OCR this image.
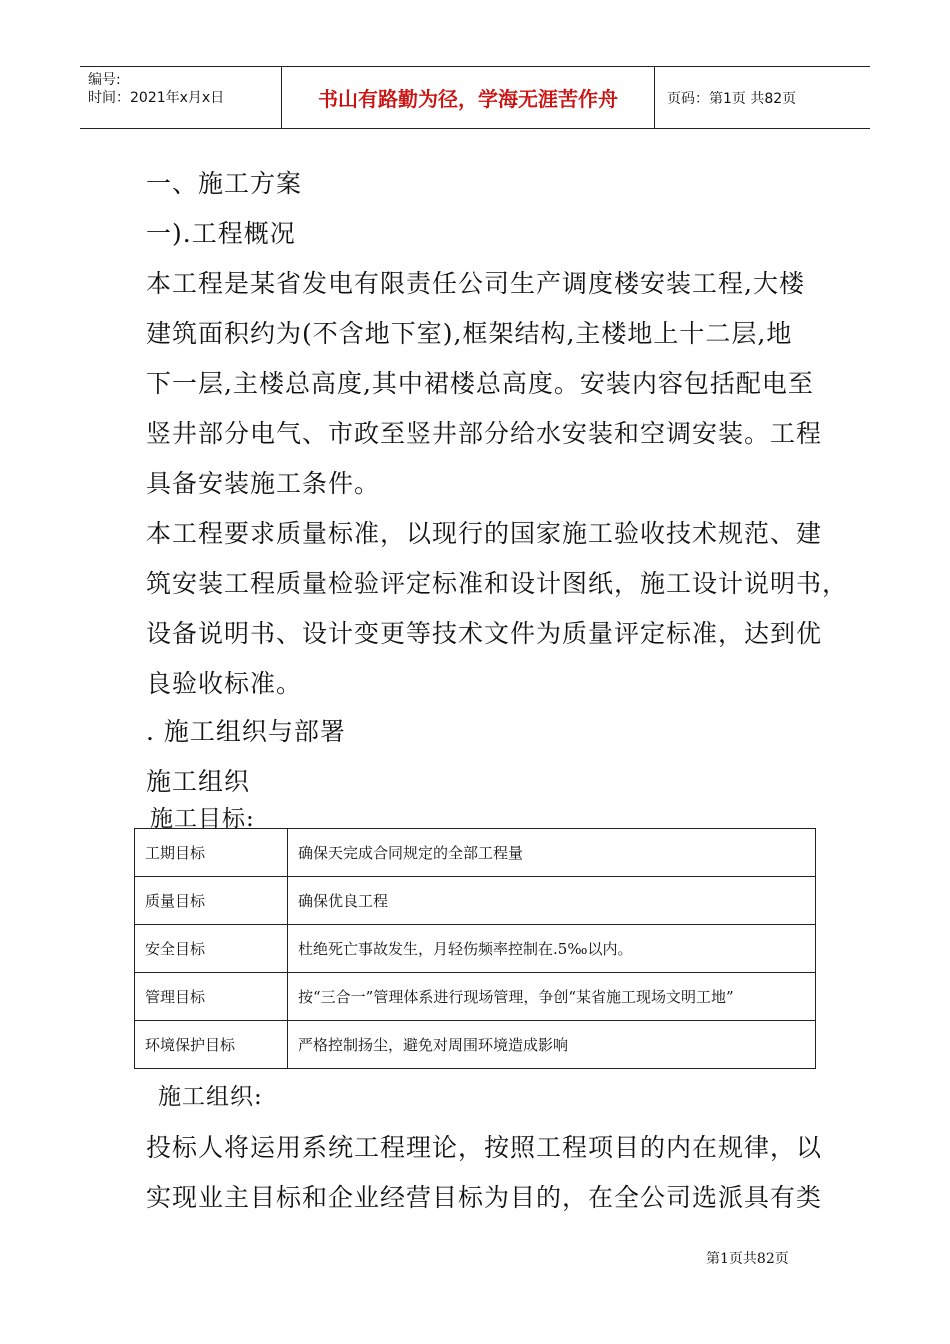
编号:
时间：2021年x月x日	书山有路勤为径，学海无涯苦作舟	页码：第1页 共82页
一、施工方案
一).工程概况
本工程是某省发电有限责任公司生产调度楼安装工程,大楼
建筑面积约为(不含地下室),框架结构,主楼地上十二层,地
下一层,主楼总高度,其中裙楼总高度。安装内容包括配电至
竖井部分电气、市政至竖井部分给水安装和空调安装。工程
具备安装施工条件。
本工程要求质量标准，以现行的国家施工验收技术规范、建
筑安装工程质量检验评定标准和设计图纸，施工设计说明书，
设备说明书、设计变更等技术文件为质量评定标准，达到优
良验收标准。
. 施工组织与部署
施工组织
施工目标:
工期目标	确保天完成合同规定的全部工程量
质量目标	确保优良工程
安全目标	杜绝死亡事故发生，月轻伤频率控制在.5‰以内。
管理目标	按“三合一”管理体系进行现场管理，争创“某省施工现场文明工地”
环境保护目标	严格控制扬尘，避免对周围环境造成影响
施工组织:
投标人将运用系统工程理论，按照工程项目的内在规律，以
实现业主目标和企业经营目标为目的，在全公司选派具有类
第1页共82页
